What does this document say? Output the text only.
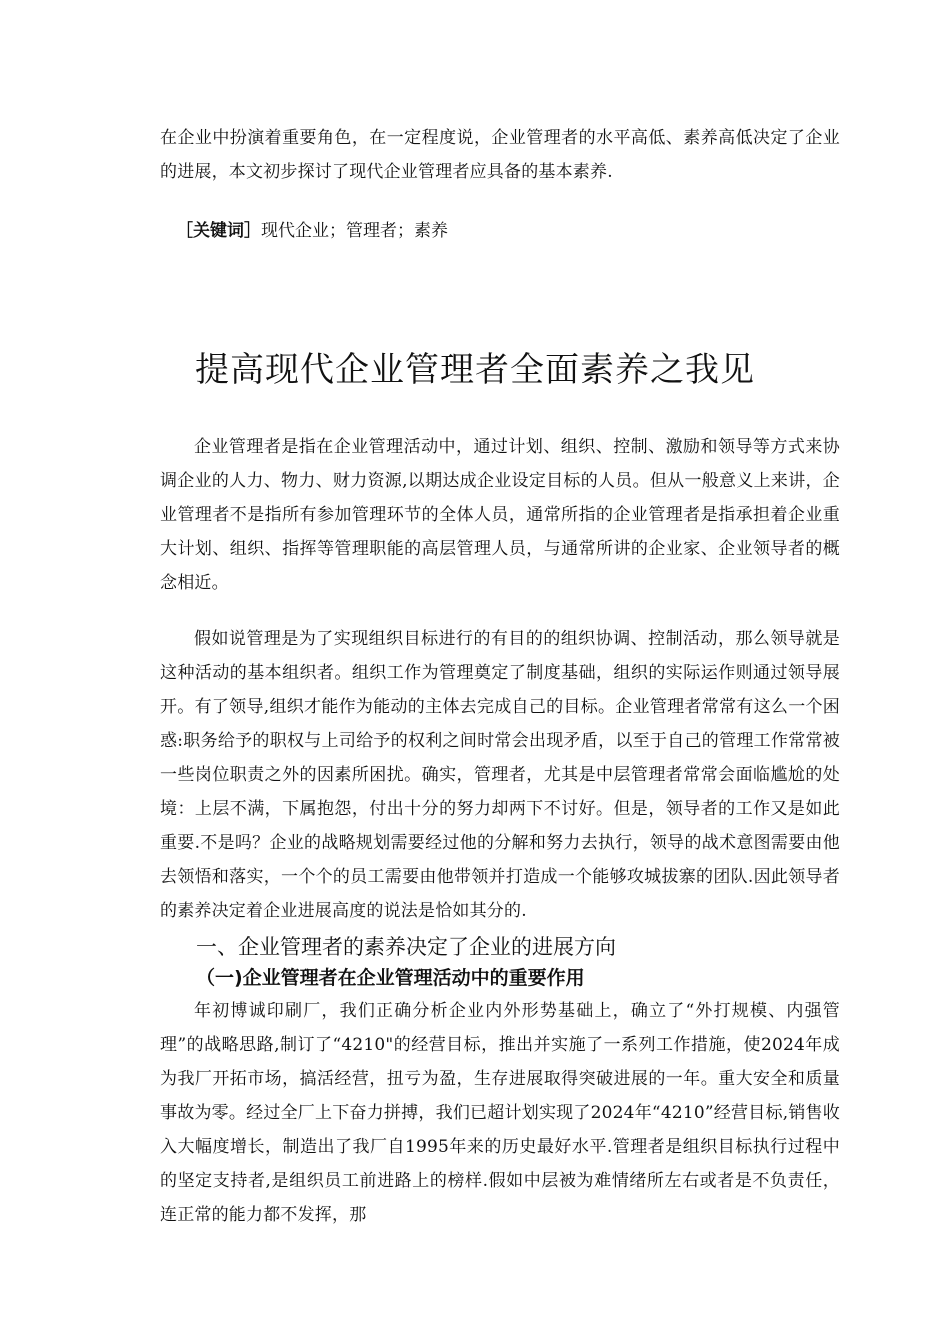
在企业中扮演着重要角色，在一定程度说，企业管理者的水平高低、素养高低决定了企业的进展，本文初步探讨了现代企业管理者应具备的基本素养.

［关键词］现代企业；管理者；素养

提高现代企业管理者全面素养之我见

企业管理者是指在企业管理活动中，通过计划、组织、控制、激励和领导等方式来协调企业的人力、物力、财力资源,以期达成企业设定目标的人员。但从一般意义上来讲，企业管理者不是指所有参加管理环节的全体人员，通常所指的企业管理者是指承担着企业重大计划、组织、指挥等管理职能的高层管理人员，与通常所讲的企业家、企业领导者的概念相近。

假如说管理是为了实现组织目标进行的有目的的组织协调、控制活动，那么领导就是这种活动的基本组织者。组织工作为管理奠定了制度基础，组织的实际运作则通过领导展开。有了领导,组织才能作为能动的主体去完成自己的目标。企业管理者常常有这么一个困惑:职务给予的职权与上司给予的权利之间时常会出现矛盾，以至于自己的管理工作常常被一些岗位职责之外的因素所困扰。确实，管理者，尤其是中层管理者常常会面临尴尬的处境：上层不满，下属抱怨，付出十分的努力却两下不讨好。但是，领导者的工作又是如此重要.不是吗？企业的战略规划需要经过他的分解和努力去执行，领导的战术意图需要由他去领悟和落实，一个个的员工需要由他带领并打造成一个能够攻城拔寨的团队.因此领导者的素养决定着企业进展高度的说法是恰如其分的.

一、企业管理者的素养决定了企业的进展方向
（一)企业管理者在企业管理活动中的重要作用

年初博诚印刷厂，我们正确分析企业内外形势基础上，确立了“外打规模、内强管理”的战略思路,制订了“4210"的经营目标，推出并实施了一系列工作措施，使2024年成为我厂开拓市场，搞活经营，扭亏为盈，生存进展取得突破进展的一年。重大安全和质量事故为零。经过全厂上下奋力拼搏，我们已超计划实现了2024年“4210”经营目标,销售收入大幅度增长，制造出了我厂自1995年来的历史最好水平.管理者是组织目标执行过程中的坚定支持者,是组织员工前进路上的榜样.假如中层被为难情绪所左右或者是不负责任，连正常的能力都不发挥，那
